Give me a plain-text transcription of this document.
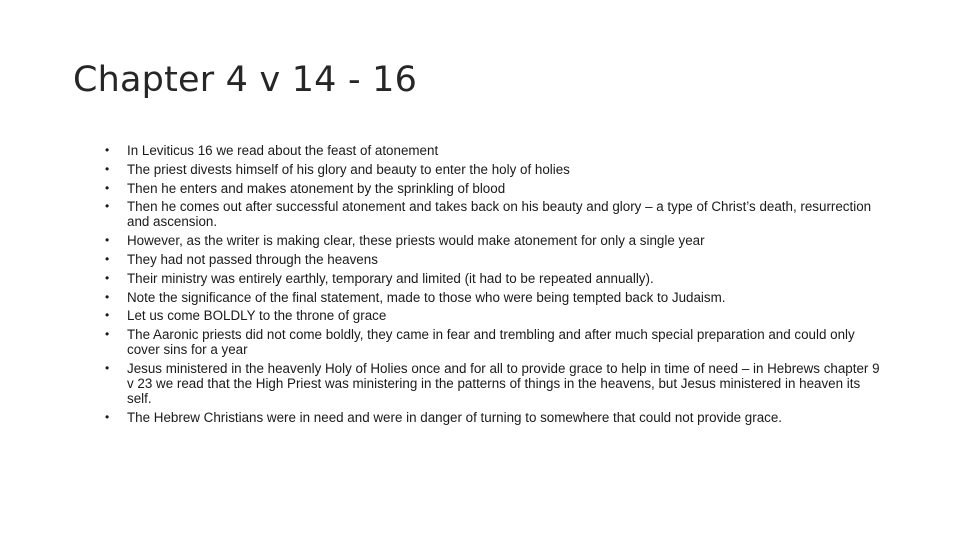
Chapter 4 v 14 - 16
•	In Leviticus 16 we read about the feast of atonement
•	The priest divests himself of his glory and beauty to enter the holy of holies
•	Then he enters and makes atonement by the sprinkling of blood
•	Then he comes out after successful atonement and takes back on his beauty and glory – a type of Christ’s death, resurrection and ascension.
•	However, as the writer is making clear, these priests would make atonement for only a single year
•	They had not passed through the heavens
•	Their ministry was entirely earthly, temporary and limited (it had to be repeated annually).
•	Note the significance of the final statement, made to those who were being tempted back to Judaism.
•	Let us come BOLDLY to the throne of grace
•	The Aaronic priests did not come boldly, they came in fear and trembling and after much special preparation and could only cover sins for a year
•	Jesus ministered in the heavenly Holy of Holies once and for all to provide grace to help in time of need – in Hebrews chapter 9 v 23 we read that the High Priest was ministering in the patterns of things in the heavens, but Jesus ministered in heaven its self.
•	The Hebrew Christians were in need and were in danger of turning to somewhere that could not provide grace.
